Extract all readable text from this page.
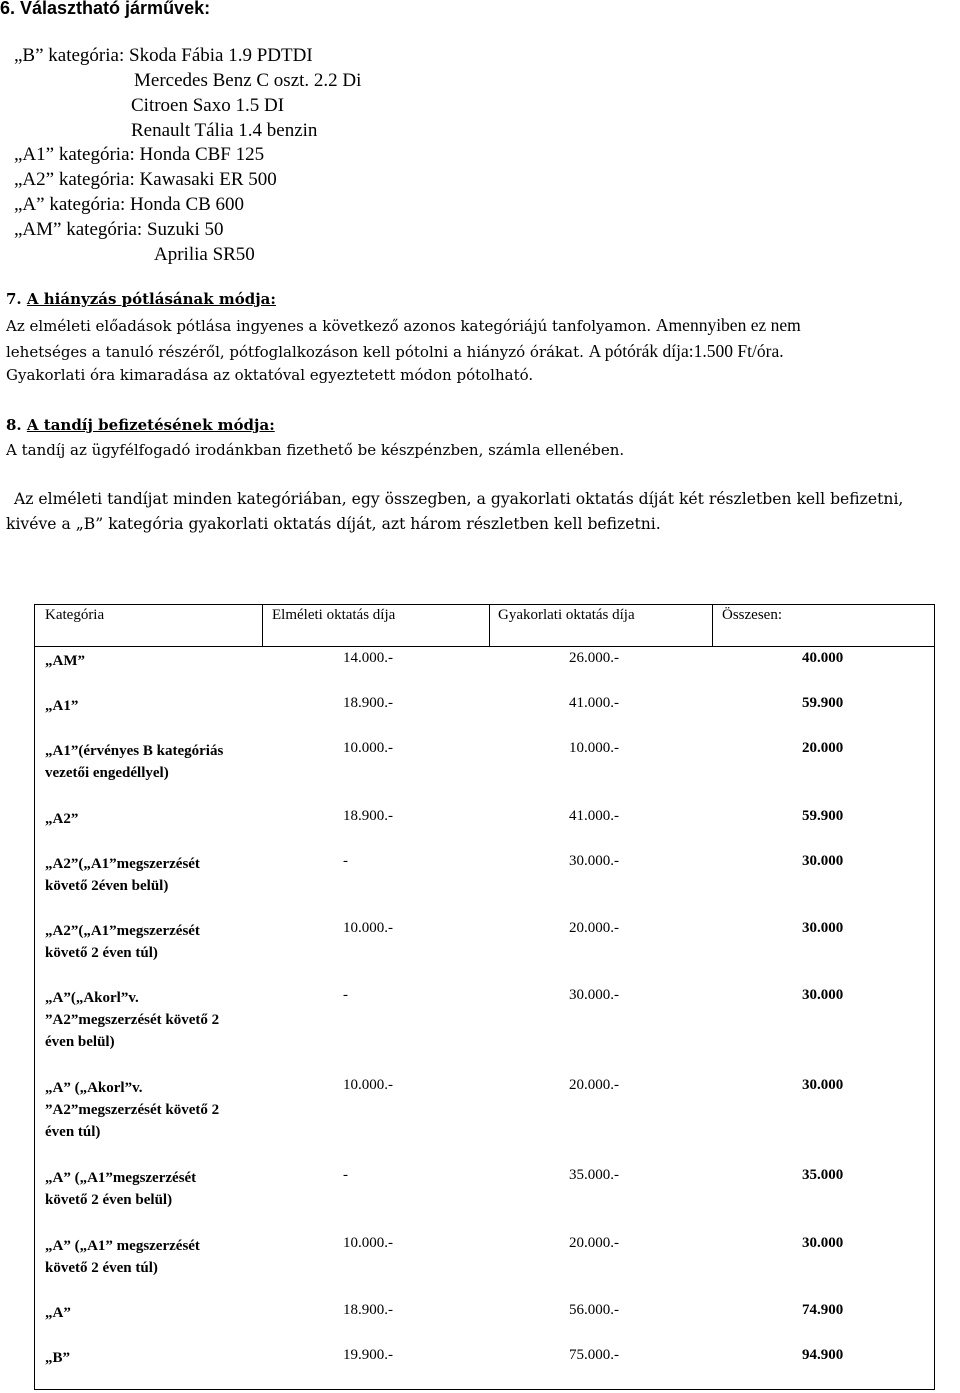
6. Választható járművek:
„B” kategória: Skoda Fábia 1.9 PDTDI
Mercedes Benz C oszt. 2.2 Di
Citroen Saxo 1.5 DI
Renault Tália 1.4 benzin
„A1” kategória: Honda CBF 125
„A2” kategória: Kawasaki ER 500
„A” kategória: Honda CB 600
„AM” kategória: Suzuki 50
Aprilia SR50
7. A hiányzás pótlásának módja:
Az elméleti előadások pótlása ingyenes a következő azonos kategóriájú tanfolyamon. Amennyiben ez nem
lehetséges a tanuló részéről, pótfoglalkozáson kell pótolni a hiányzó órákat. A pótórák díja:1.500 Ft/óra.
Gyakorlati óra kimaradása az oktatóval egyeztetett módon pótolható.
8. A tandíj befizetésének módja:
A tandíj az ügyfélfogadó irodánkban fizethető be készpénzben, számla ellenében.
Az elméleti tandíjat minden kategóriában, egy összegben, a gyakorlati oktatás díját két részletben kell befizetni,
kivéve a „B” kategória gyakorlati oktatás díját, azt három részletben kell befizetni.
Kategória	Elméleti oktatás díja	Gyakorlati oktatás díja	Összesen:
„AM”	14.000.-	26.000.-	40.000
„A1”	18.900.-	41.000.-	59.900
„A1”(érvényes B kategóriás
vezetői engedéllyel)
10.000.-	10.000.-	20.000
„A2”	18.900.-	41.000.-	59.900
„A2”(„A1”megszerzését
követő 2éven belül)
-	30.000.-	30.000
„A2”(„A1”megszerzését
követő 2 éven túl)
10.000.-	20.000.-	30.000
„A”(„Akorl”v.
”A2”megszerzését követő 2
éven belül)
-	30.000.-	30.000
„A” („Akorl”v.
”A2”megszerzését követő 2
éven túl)
10.000.-	20.000.-	30.000
„A” („A1”megszerzését
követő 2 éven belül)
-	35.000.-	35.000
„A” („A1” megszerzését
követő 2 éven túl)
10.000.-	20.000.-	30.000
„A”	18.900.-	56.000.-	74.900
„B”	19.900.-	75.000.-	94.900
